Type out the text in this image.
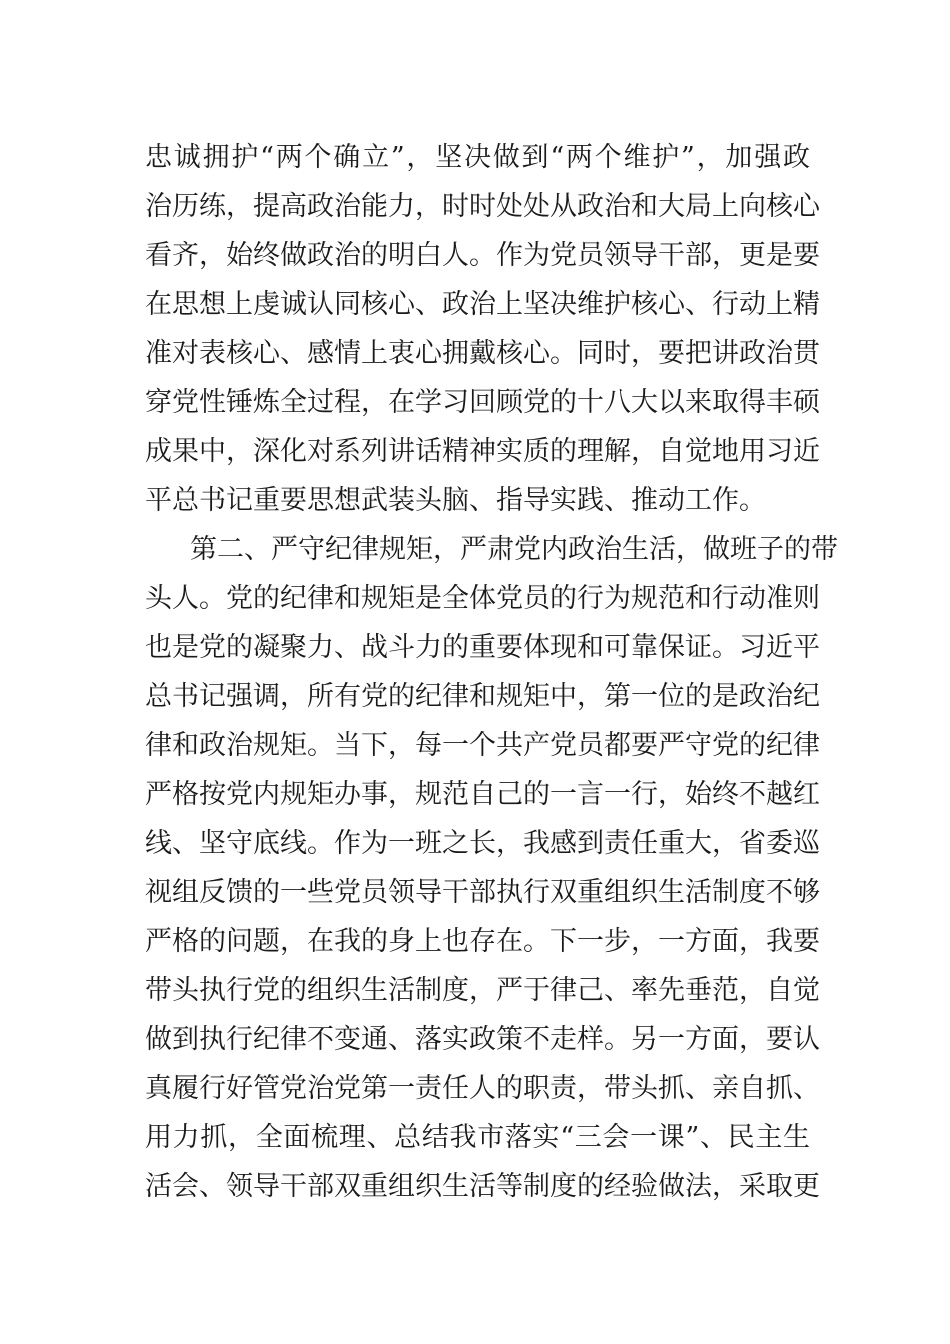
忠诚拥护“两个确立”，坚决做到“两个维护”，加强政
治历练，提高政治能力，时时处处从政治和大局上向核心
看齐，始终做政治的明白人。作为党员领导干部，更是要
在思想上虔诚认同核心、政治上坚决维护核心、行动上精
准对表核心、感情上衷心拥戴核心。同时，要把讲政治贯
穿党性锤炼全过程，在学习回顾党的十八大以来取得丰硕
成果中，深化对系列讲话精神实质的理解，自觉地用习近
平总书记重要思想武装头脑、指导实践、推动工作。
第二、严守纪律规矩，严肃党内政治生活，做班子的带
头人。党的纪律和规矩是全体党员的行为规范和行动准则
也是党的凝聚力、战斗力的重要体现和可靠保证。习近平
总书记强调，所有党的纪律和规矩中，第一位的是政治纪
律和政治规矩。当下，每一个共产党员都要严守党的纪律
严格按党内规矩办事，规范自己的一言一行，始终不越红
线、坚守底线。作为一班之长，我感到责任重大，省委巡
视组反馈的一些党员领导干部执行双重组织生活制度不够
严格的问题，在我的身上也存在。下一步，一方面，我要
带头执行党的组织生活制度，严于律己、率先垂范，自觉
做到执行纪律不变通、落实政策不走样。另一方面，要认
真履行好管党治党第一责任人的职责，带头抓、亲自抓、
用力抓，全面梳理、总结我市落实“三会一课”、民主生
活会、领导干部双重组织生活等制度的经验做法，采取更
